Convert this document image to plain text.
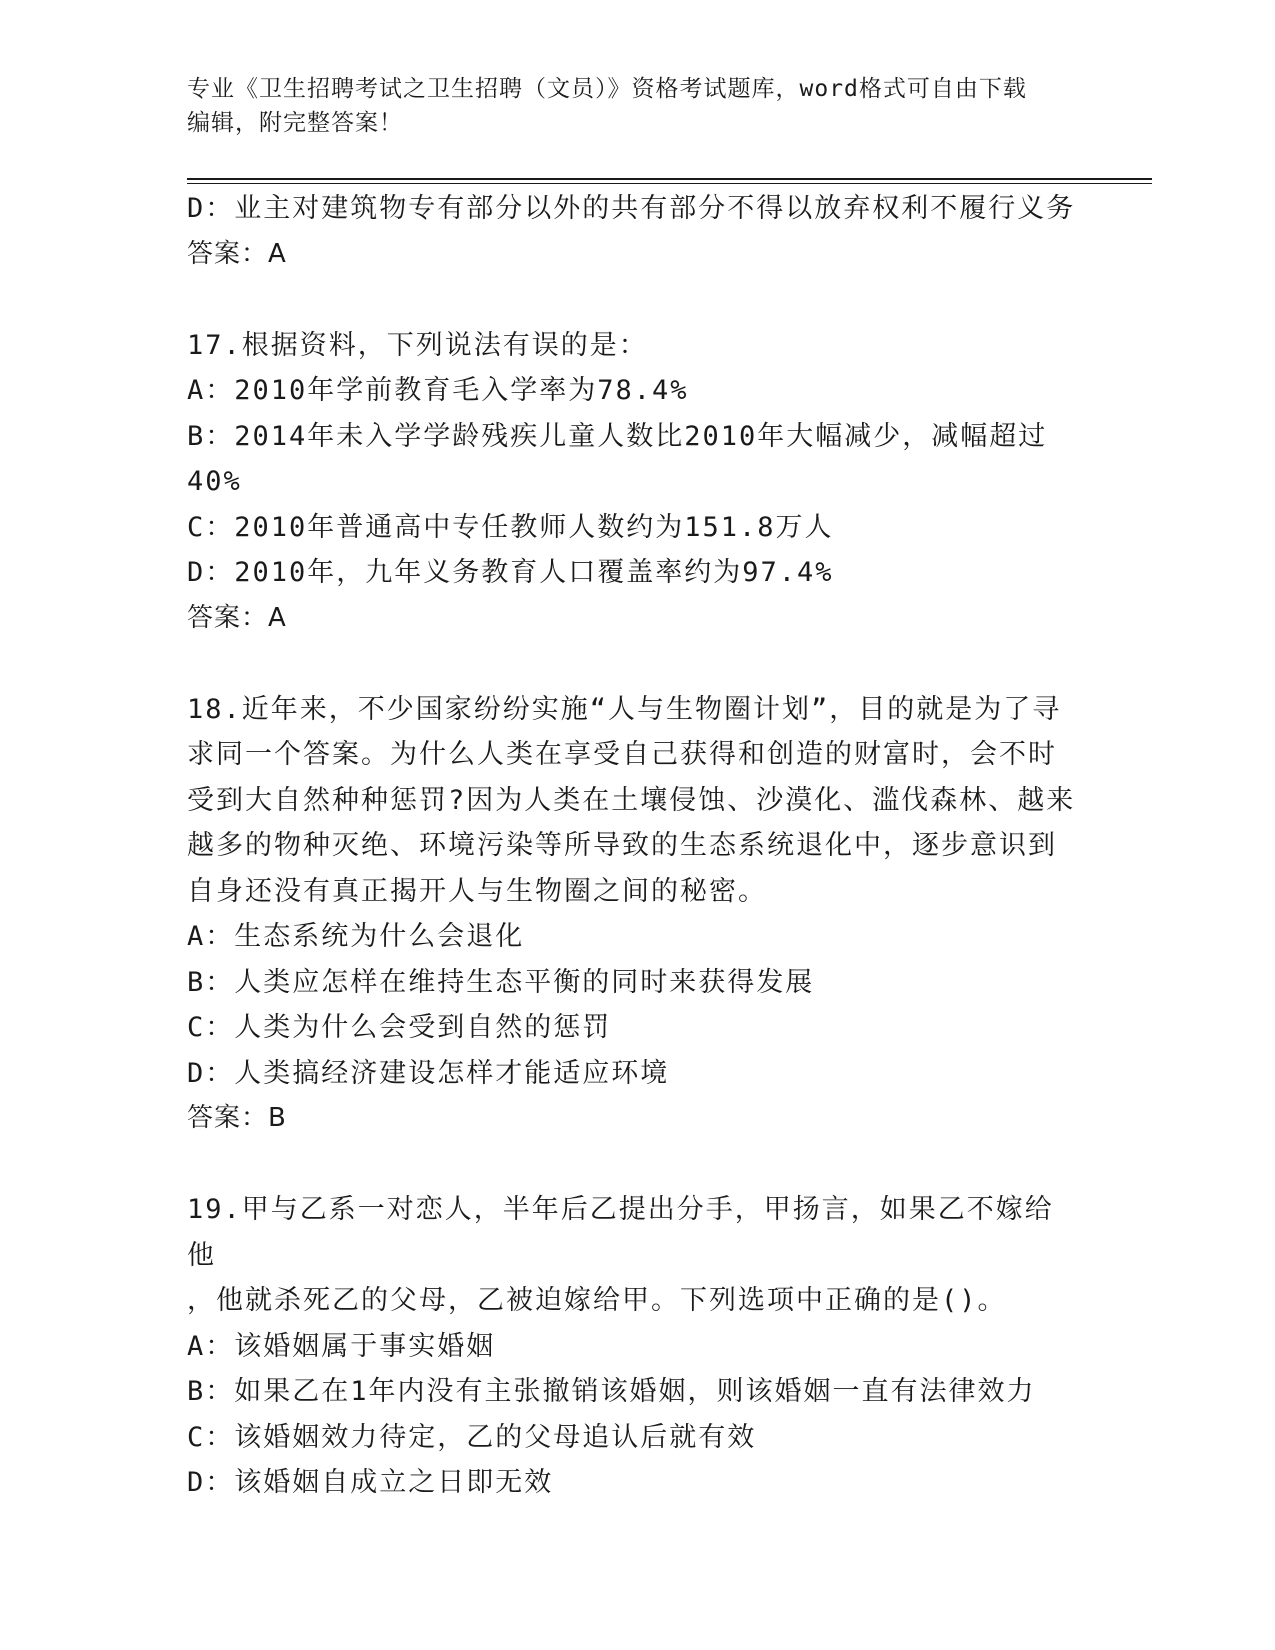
专业《卫生招聘考试之卫生招聘（文员）》资格考试题库，word格式可自由下载
编辑，附完整答案！
D：业主对建筑物专有部分以外的共有部分不得以放弃权利不履行义务
答案：A
17.根据资料，下列说法有误的是：
A：2010年学前教育毛入学率为78.4%
B：2014年未入学学龄残疾儿童人数比2010年大幅减少，减幅超过
40%
C：2010年普通高中专任教师人数约为151.8万人
D：2010年，九年义务教育人口覆盖率约为97.4%
答案：A
18.近年来，不少国家纷纷实施“人与生物圈计划”，目的就是为了寻
求同一个答案。为什么人类在享受自己获得和创造的财富时，会不时
受到大自然种种惩罚?因为人类在土壤侵蚀、沙漠化、滥伐森林、越来
越多的物种灭绝、环境污染等所导致的生态系统退化中，逐步意识到
自身还没有真正揭开人与生物圈之间的秘密。
A：生态系统为什么会退化
B：人类应怎样在维持生态平衡的同时来获得发展
C：人类为什么会受到自然的惩罚
D：人类搞经济建设怎样才能适应环境
答案：B
19.甲与乙系一对恋人，半年后乙提出分手，甲扬言，如果乙不嫁给他
，他就杀死乙的父母，乙被迫嫁给甲。下列选项中正确的是()。
A：该婚姻属于事实婚姻
B：如果乙在1年内没有主张撤销该婚姻，则该婚姻一直有法律效力
C：该婚姻效力待定，乙的父母追认后就有效
D：该婚姻自成立之日即无效
